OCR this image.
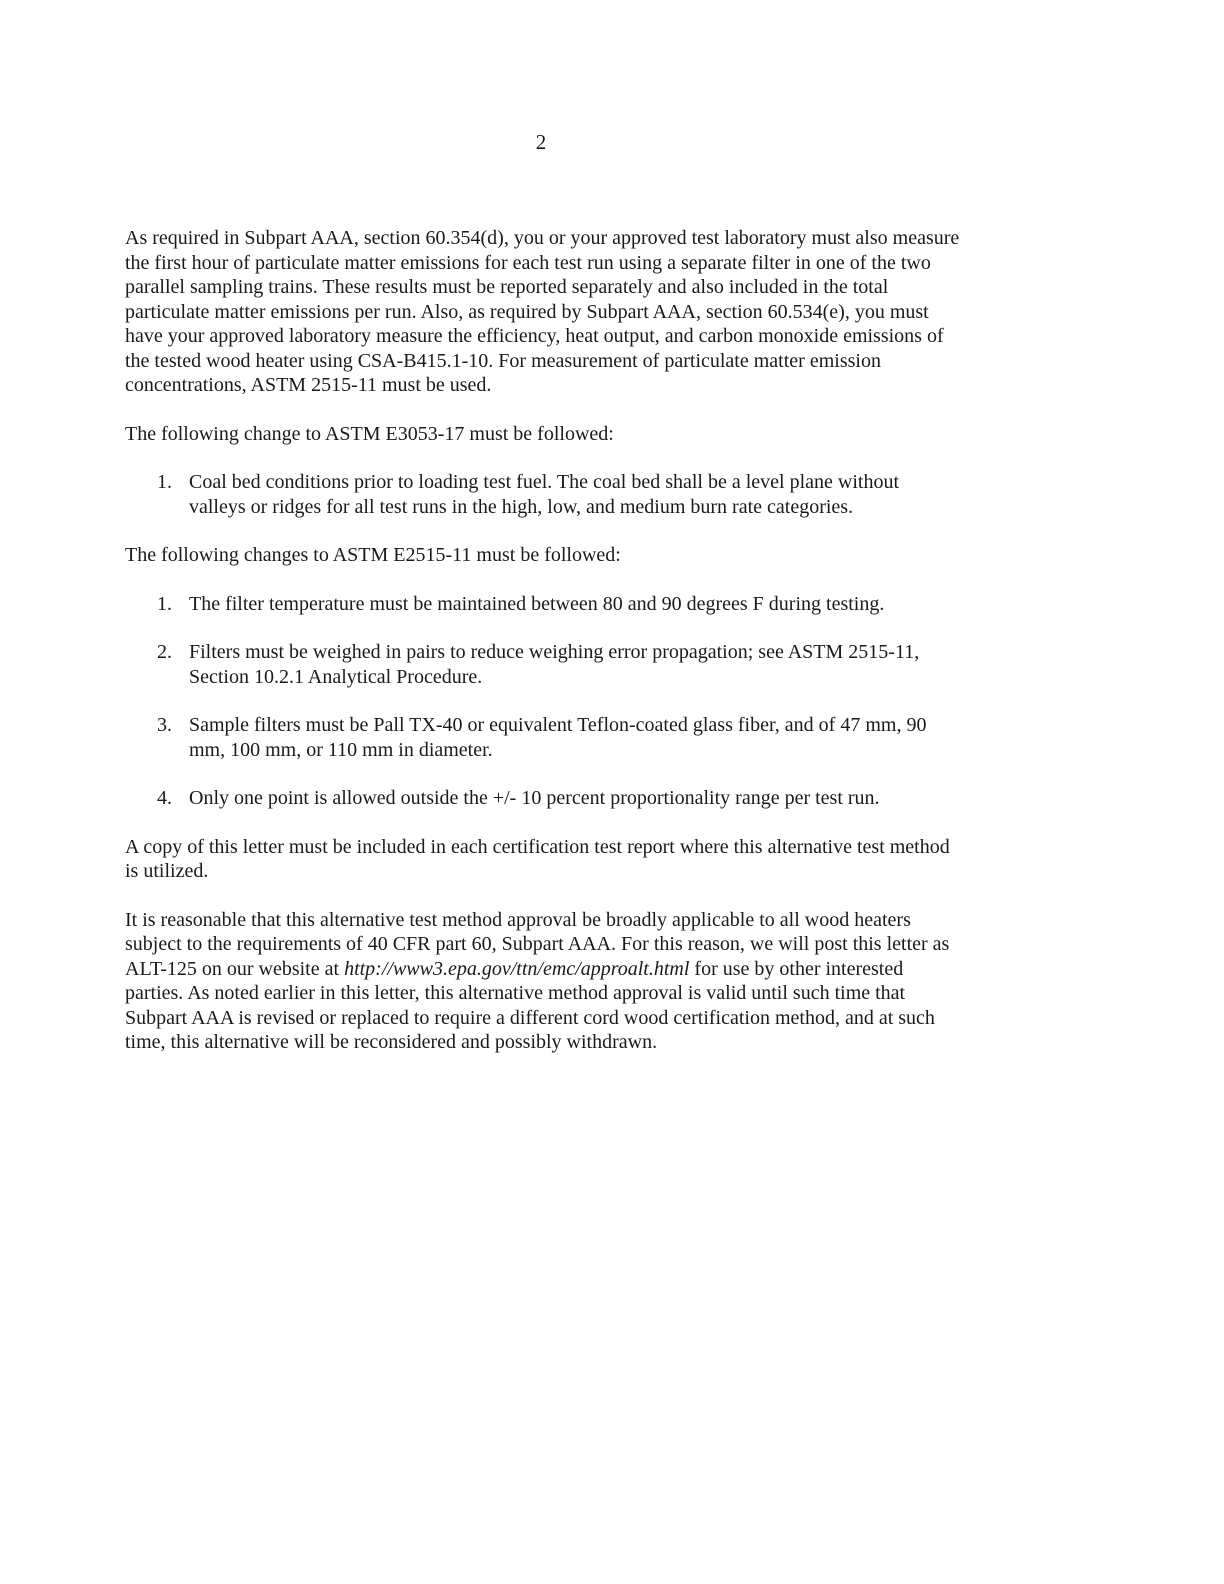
2

As required in Subpart AAA, section 60.354(d), you or your approved test laboratory must also measure the first hour of particulate matter emissions for each test run using a separate filter in one of the two parallel sampling trains. These results must be reported separately and also included in the total particulate matter emissions per run. Also, as required by Subpart AAA, section 60.534(e), you must have your approved laboratory measure the efficiency, heat output, and carbon monoxide emissions of the tested wood heater using CSA-B415.1-10. For measurement of particulate matter emission concentrations, ASTM 2515-11 must be used.

The following change to ASTM E3053-17 must be followed:

1. Coal bed conditions prior to loading test fuel. The coal bed shall be a level plane without valleys or ridges for all test runs in the high, low, and medium burn rate categories.

The following changes to ASTM E2515-11 must be followed:

1. The filter temperature must be maintained between 80 and 90 degrees F during testing.
2. Filters must be weighed in pairs to reduce weighing error propagation; see ASTM 2515-11, Section 10.2.1 Analytical Procedure.
3. Sample filters must be Pall TX-40 or equivalent Teflon-coated glass fiber, and of 47 mm, 90 mm, 100 mm, or 110 mm in diameter.
4. Only one point is allowed outside the +/- 10 percent proportionality range per test run.

A copy of this letter must be included in each certification test report where this alternative test method is utilized.

It is reasonable that this alternative test method approval be broadly applicable to all wood heaters subject to the requirements of 40 CFR part 60, Subpart AAA. For this reason, we will post this letter as ALT-125 on our website at http://www3.epa.gov/ttn/emc/approalt.html for use by other interested parties. As noted earlier in this letter, this alternative method approval is valid until such time that Subpart AAA is revised or replaced to require a different cord wood certification method, and at such time, this alternative will be reconsidered and possibly withdrawn.
